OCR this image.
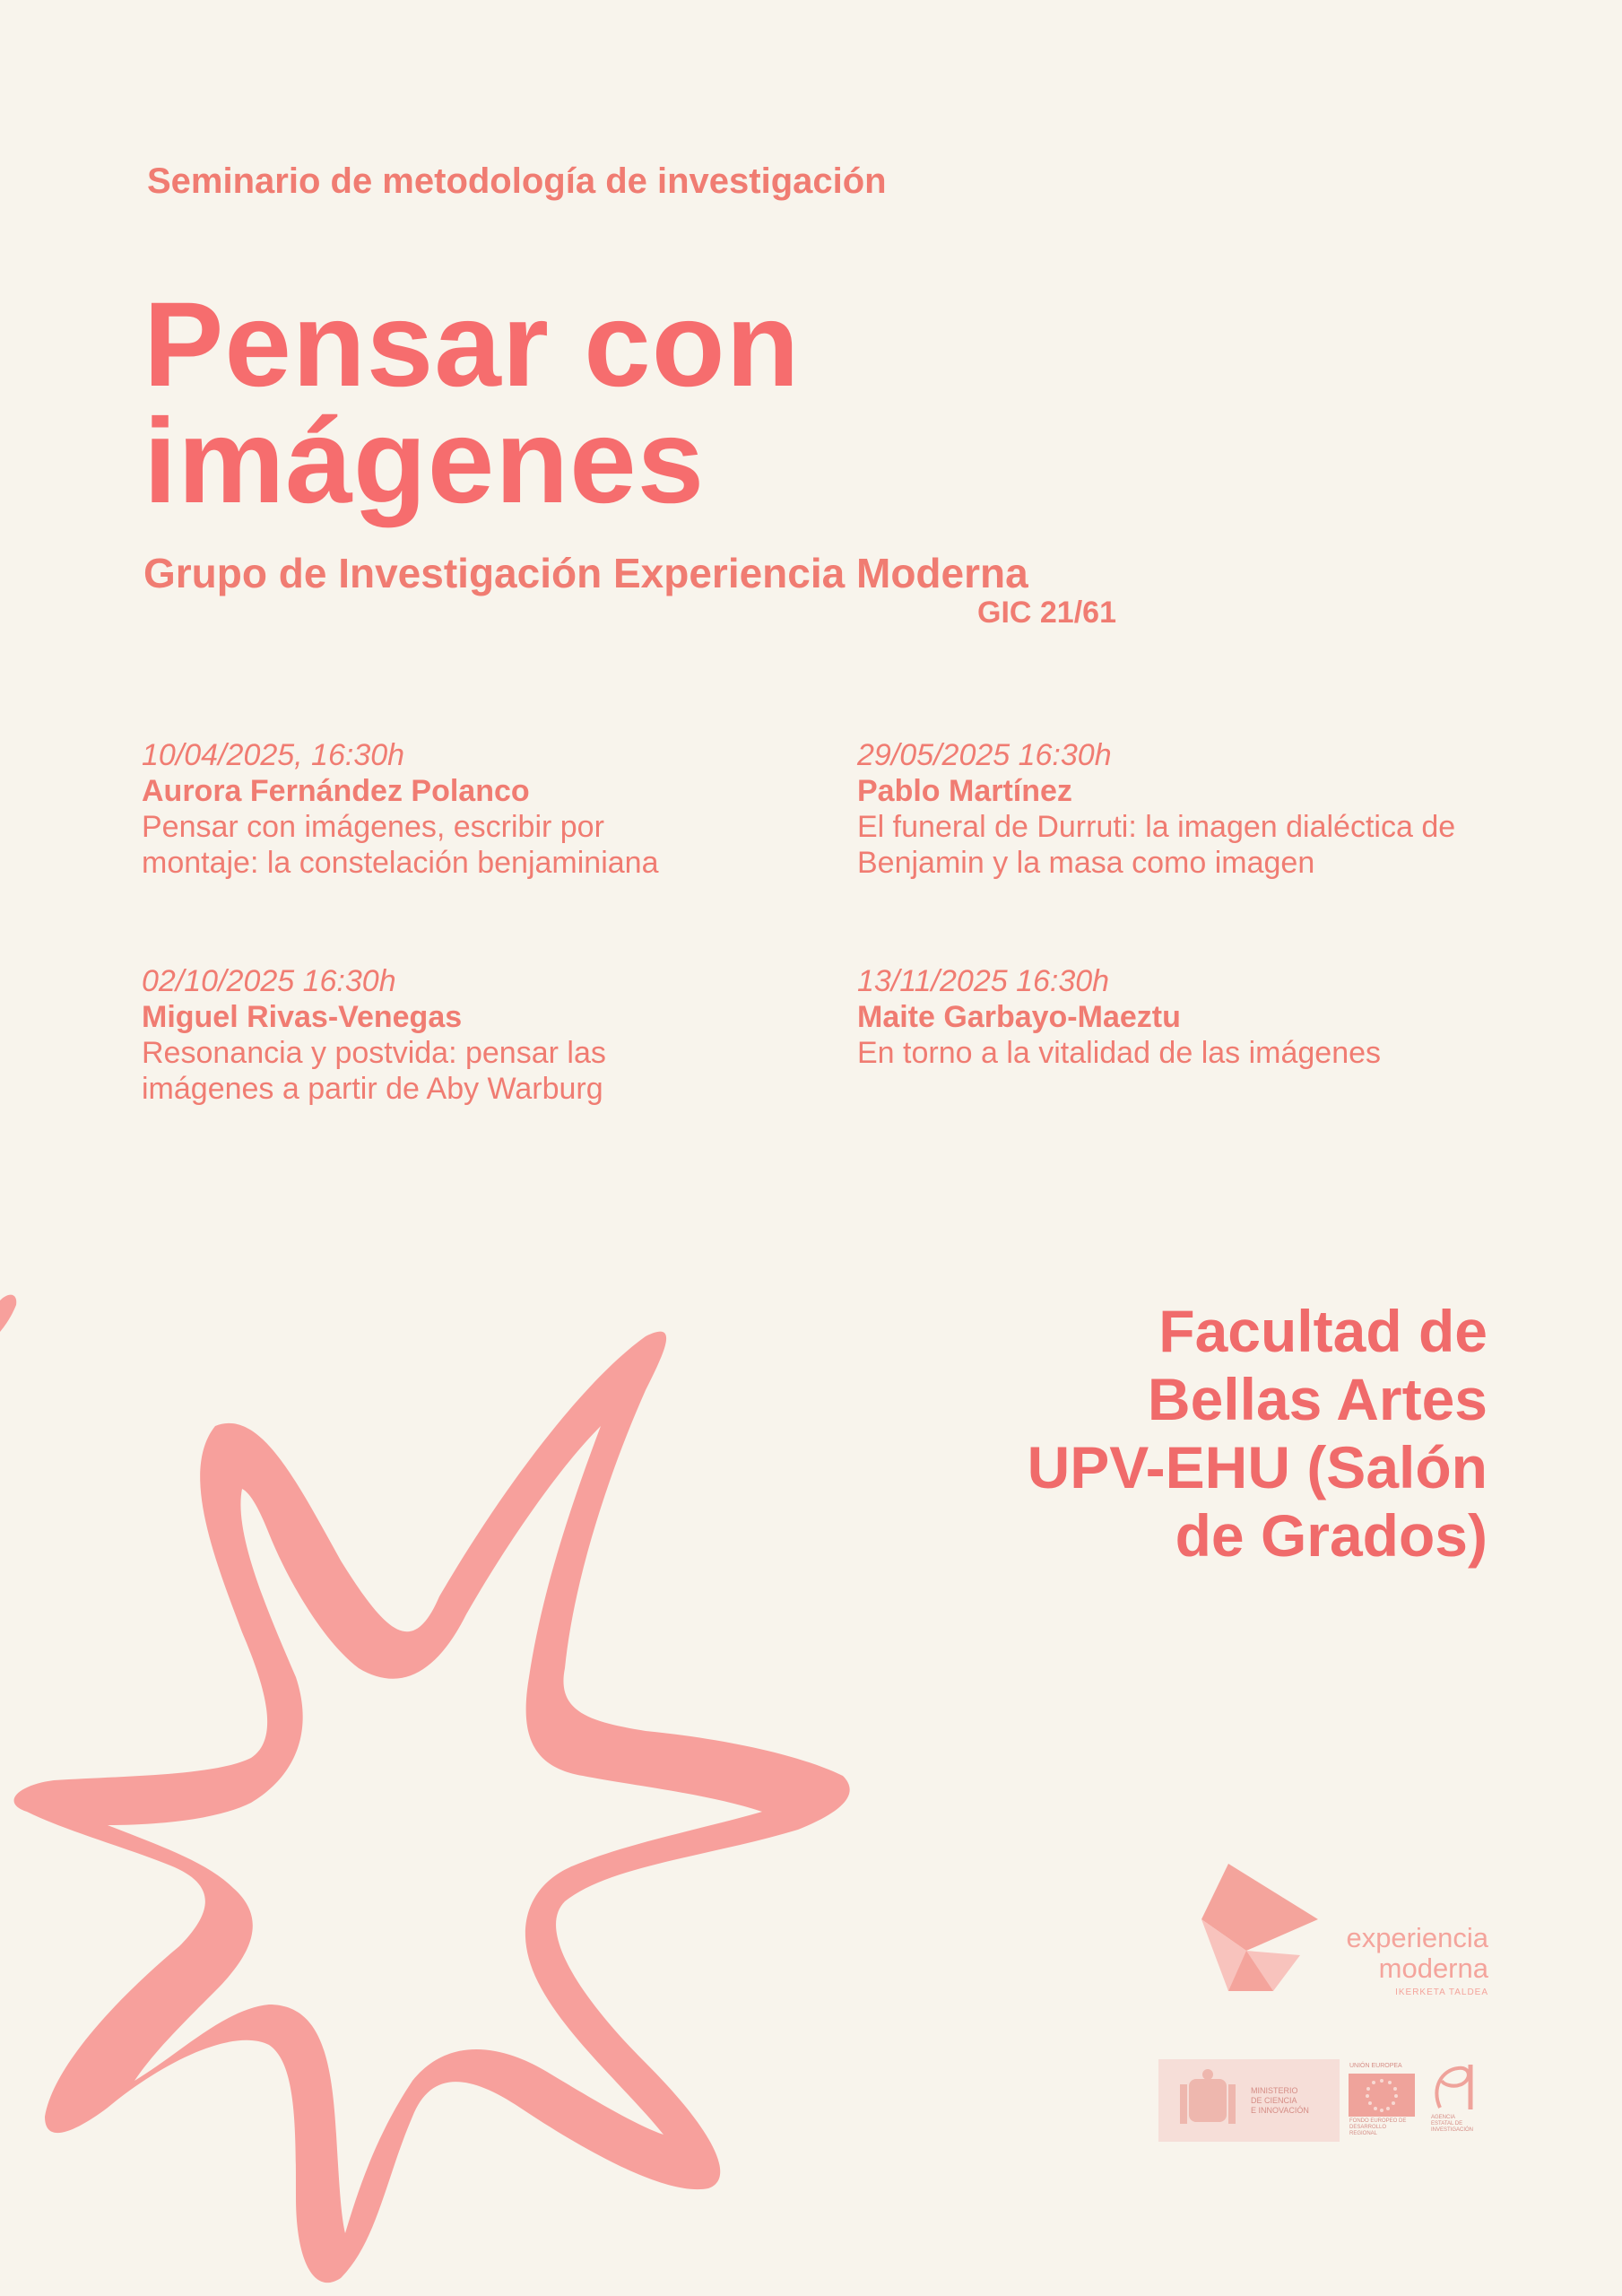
Seminario de metodología de investigación
Pensar con
imágenes
Grupo de Investigación Experiencia Moderna
GIC 21/61
10/04/2025, 16:30h
Aurora Fernández Polanco
Pensar con imágenes, escribir por
montaje: la constelación benjaminiana
29/05/2025 16:30h
Pablo Martínez
El funeral de Durruti: la imagen dialéctica de
Benjamin y la masa como imagen
02/10/2025 16:30h
Miguel Rivas-Venegas
Resonancia y postvida: pensar las
imágenes a partir de Aby Warburg
13/11/2025 16:30h
Maite Garbayo-Maeztu
En torno a la vitalidad de las imágenes
Facultad de
Bellas Artes
UPV-EHU (Salón
de Grados)
experiencia
moderna
IKERKETA TALDEA
MINISTERIO
DE CIENCIA
E INNOVACIÓN
UNIÓN EUROPEA
FONDO EUROPEO DE
DESARROLLO REGIONAL
AGENCIA
ESTATAL DE
INVESTIGACIÓN
